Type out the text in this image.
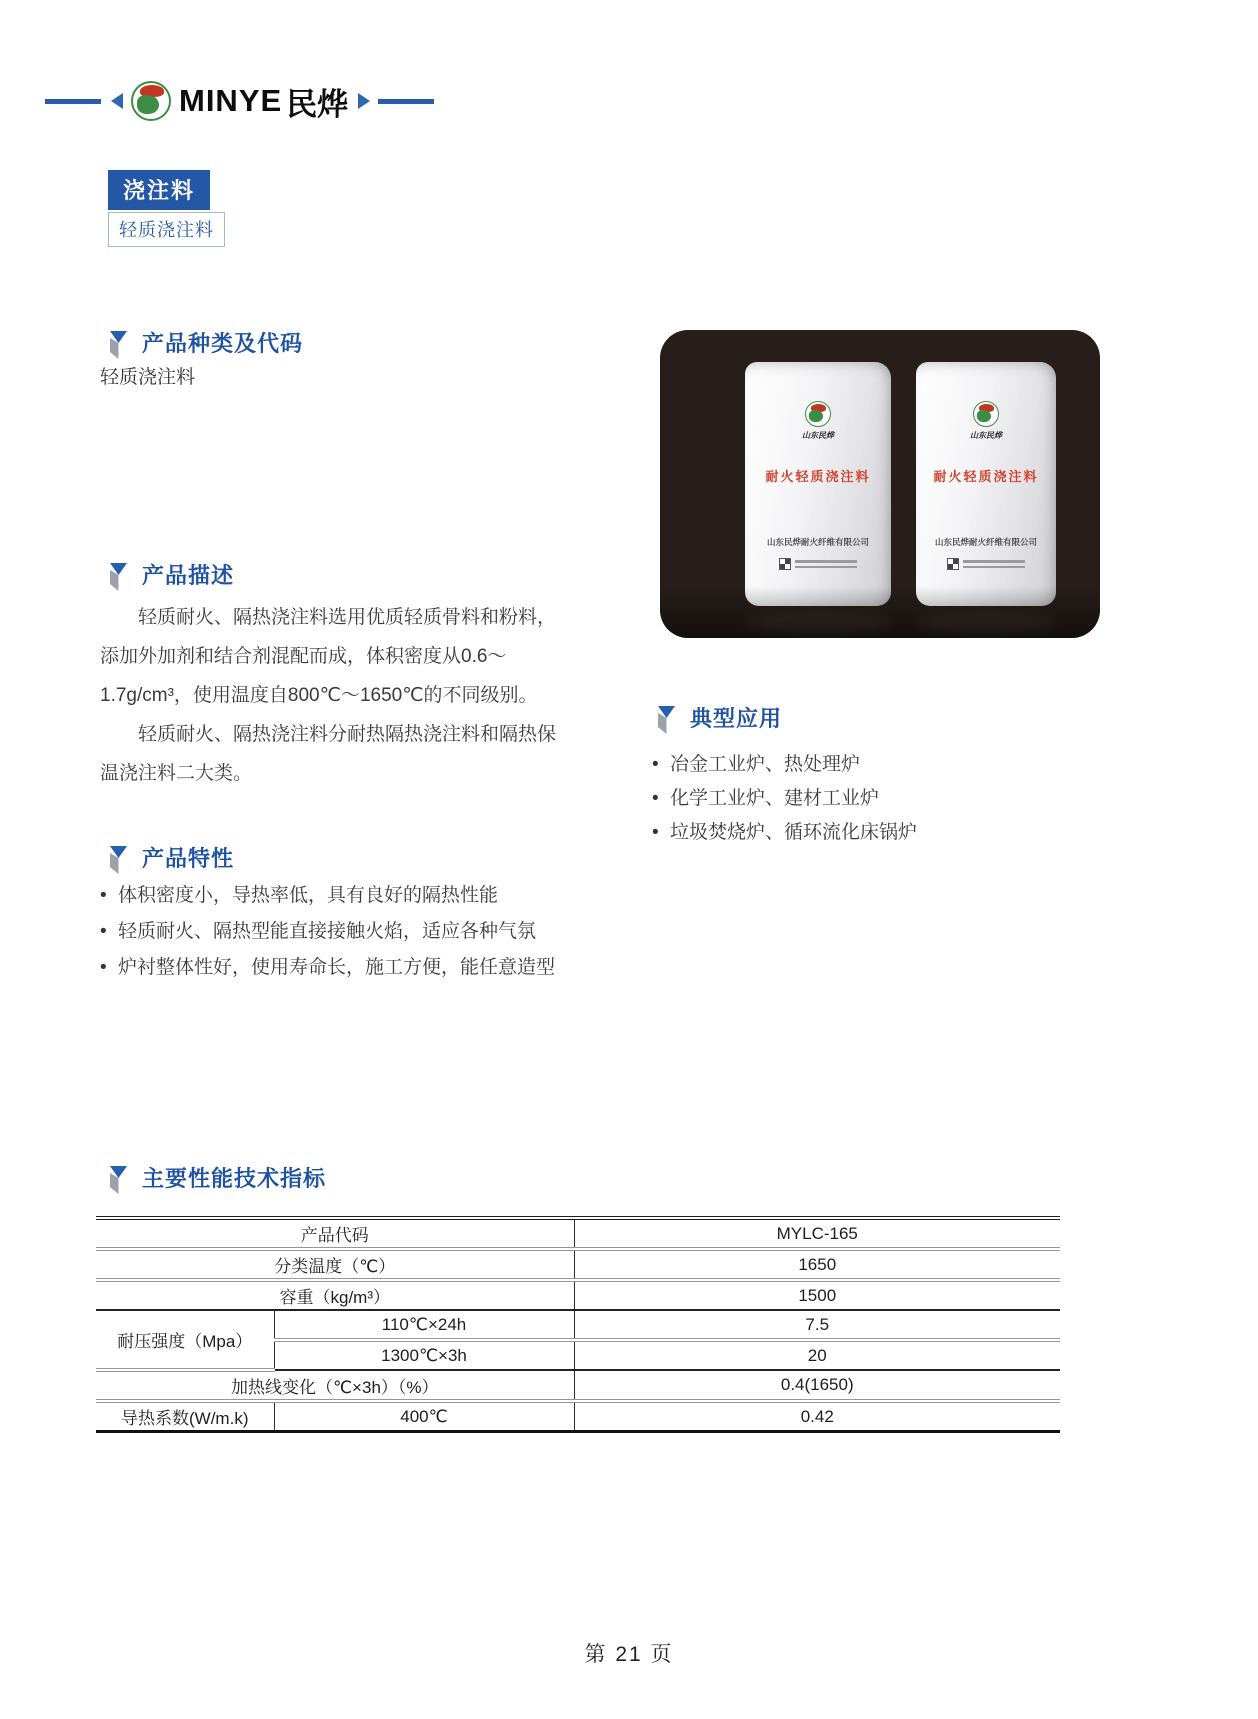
MINYE 民烨
浇注料
轻质浇注料
产品种类及代码
轻质浇注料
山东民烨
耐火轻质浇注料
山东民烨耐火纤维有限公司
山东民烨
耐火轻质浇注料
山东民烨耐火纤维有限公司
产品描述

轻质耐火、隔热浇注料选用优质轻质骨料和粉料，添加外加剂和结合剂混配而成，体积密度从0.6～1.7g/cm³，使用温度自800℃～1650℃的不同级别。

轻质耐火、隔热浇注料分耐热隔热浇注料和隔热保温浇注料二大类。

典型应用
• 冶金工业炉、热处理炉
• 化学工业炉、建材工业炉
• 垃圾焚烧炉、循环流化床锅炉
产品特性
• 体积密度小，导热率低，具有良好的隔热性能
• 轻质耐火、隔热型能直接接触火焰，适应各种气氛
• 炉衬整体性好，使用寿命长，施工方便，能任意造型
主要性能技术指标
产品代码		MYLC-165
分类温度（℃）		1650
容重（kg/m³）		1500
耐压强度（Mpa）	110℃×24h	7.5
	1300℃×3h	20
加热线变化（℃×3h）（%）		0.4(1650)
导热系数(W/m.k)	400℃	0.42
第 21 页
